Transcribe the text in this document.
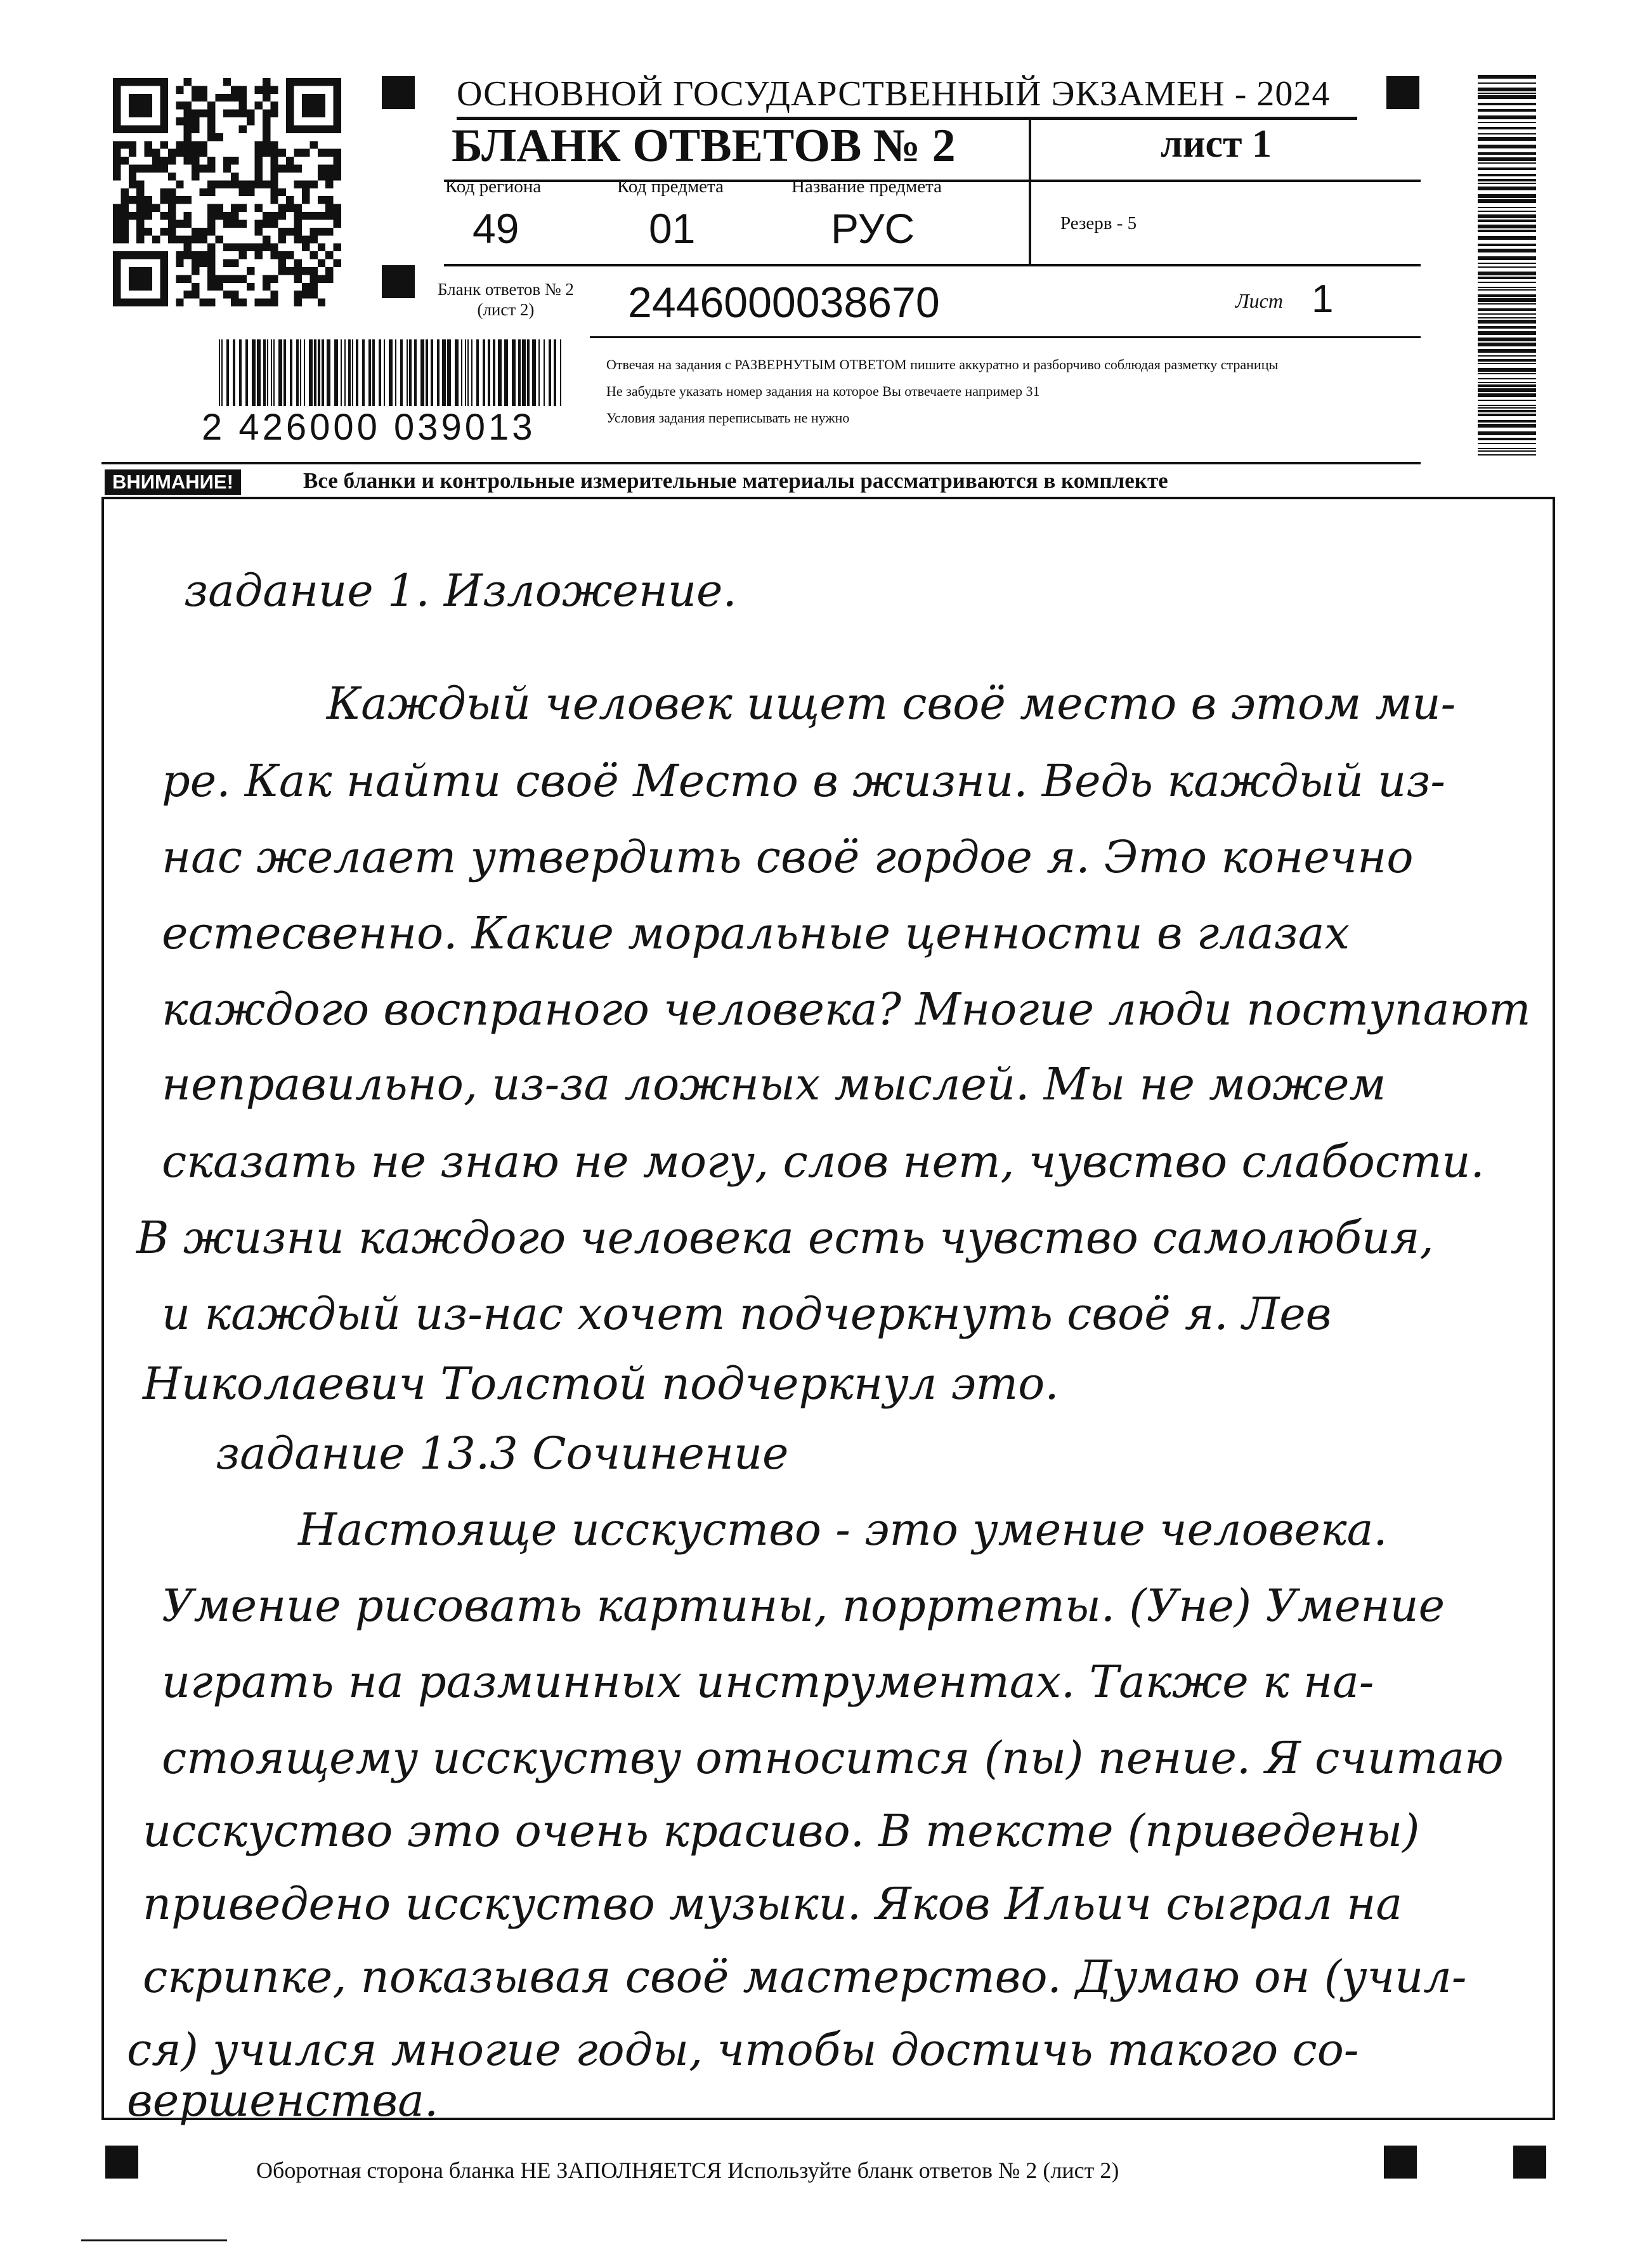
ОСНОВНОЙ ГОСУДАРСТВЕННЫЙ ЭКЗАМЕН - 2024
БЛАНК ОТВЕТОВ № 2	лист 1
Код региона
49
Код предмета
01
Название предмета
РУС	Резерв - 5
Бланк ответов № 2
(лист 2)	2446000038670	Лист 1
2 426000 039013
Отвечая на задания с РАЗВЕРНУТЫМ ОТВЕТОМ пишите аккуратно и разборчиво соблюдая разметку страницы
Не забудьте указать номер задания на которое Вы отвечаете например 31
Условия задания переписывать не нужно
ВНИМАНИЕ!	Все бланки и контрольные измерительные материалы рассматриваются в комплекте
задание 1. Изложение.
Каждый человек ищет своё место в этом ми-
ре. Как найти своё Место в жизни. Ведь каждый из-
нас желает утвердить своё гордое я. Это конечно
естесвенно. Какие моральные ценности в глазах
каждого воспраного человека? Многие люди поступают
неправильно, из-за ложных мыслей. Мы не можем
сказать не знаю не могу, слов нет, чувство слабости.
В жизни каждого человека есть чувство самолюбия,
и каждый из-нас хочет подчеркнуть своё я. Лев
Николаевич Толстой подчеркнул это.
задание 13.3 Сочинение
Настояще исскуство - это умение человека.
Умение рисовать картины, порртеты. (Уне) Умение
играть на разминных инструментах. Также к на-
стоящему исскуству относится (пы) пение. Я считаю
исскуство это очень красиво. В тексте (приведены)
приведено исскуство музыки. Яков Ильич сыграл на
скрипке, показывая своё мастерство. Думаю он (учил-
ся) учился многие годы, чтобы достичь такого со-
вершенства.
Оборотная сторона бланка НЕ ЗАПОЛНЯЕТСЯ Используйте бланк ответов № 2 (лист 2)
